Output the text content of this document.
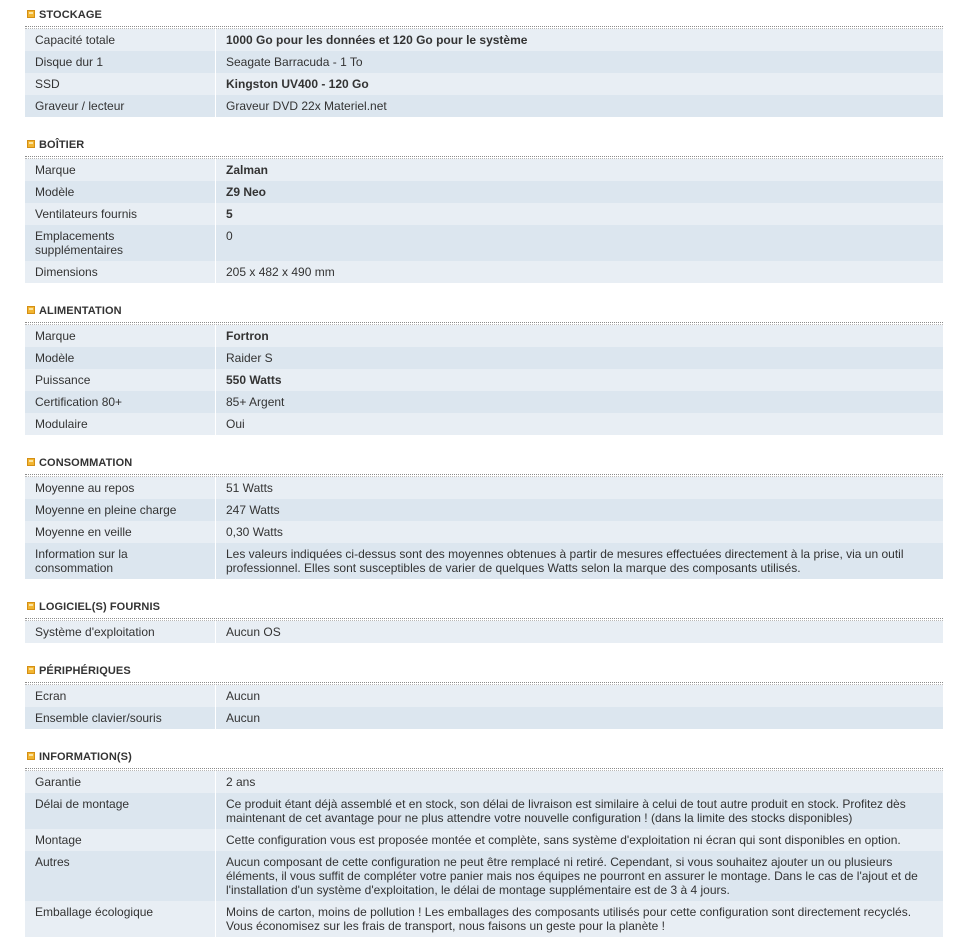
STOCKAGE
Capacité totale	1000 Go pour les données et 120 Go pour le système
Disque dur 1	Seagate Barracuda - 1 To
SSD	Kingston UV400 - 120 Go
Graveur / lecteur	Graveur DVD 22x Materiel.net
BOÎTIER
Marque	Zalman
Modèle	Z9 Neo
Ventilateurs fournis	5
Emplacements supplémentaires	0
Dimensions	205 x 482 x 490 mm
ALIMENTATION
Marque	Fortron
Modèle	Raider S
Puissance	550 Watts
Certification 80+	85+ Argent
Modulaire	Oui
CONSOMMATION
Moyenne au repos	51 Watts
Moyenne en pleine charge	247 Watts
Moyenne en veille	0,30 Watts
Information sur la consommation	Les valeurs indiquées ci-dessus sont des moyennes obtenues à partir de mesures effectuées directement à la prise, via un outil professionnel. Elles sont susceptibles de varier de quelques Watts selon la marque des composants utilisés.
LOGICIEL(S) FOURNIS
Système d'exploitation	Aucun OS
PÉRIPHÉRIQUES
Ecran	Aucun
Ensemble clavier/souris	Aucun
INFORMATION(S)
Garantie	2 ans
Délai de montage	Ce produit étant déjà assemblé et en stock, son délai de livraison est similaire à celui de tout autre produit en stock. Profitez dès maintenant de cet avantage pour ne plus attendre votre nouvelle configuration ! (dans la limite des stocks disponibles)
Montage	Cette configuration vous est proposée montée et complète, sans système d'exploitation ni écran qui sont disponibles en option.
Autres	Aucun composant de cette configuration ne peut être remplacé ni retiré. Cependant, si vous souhaitez ajouter un ou plusieurs éléments, il vous suffit de compléter votre panier mais nos équipes ne pourront en assurer le montage. Dans le cas de l'ajout et de l'installation d'un système d'exploitation, le délai de montage supplémentaire est de 3 à 4 jours.
Emballage écologique	Moins de carton, moins de pollution ! Les emballages des composants utilisés pour cette configuration sont directement recyclés. Vous économisez sur les frais de transport, nous faisons un geste pour la planète !
